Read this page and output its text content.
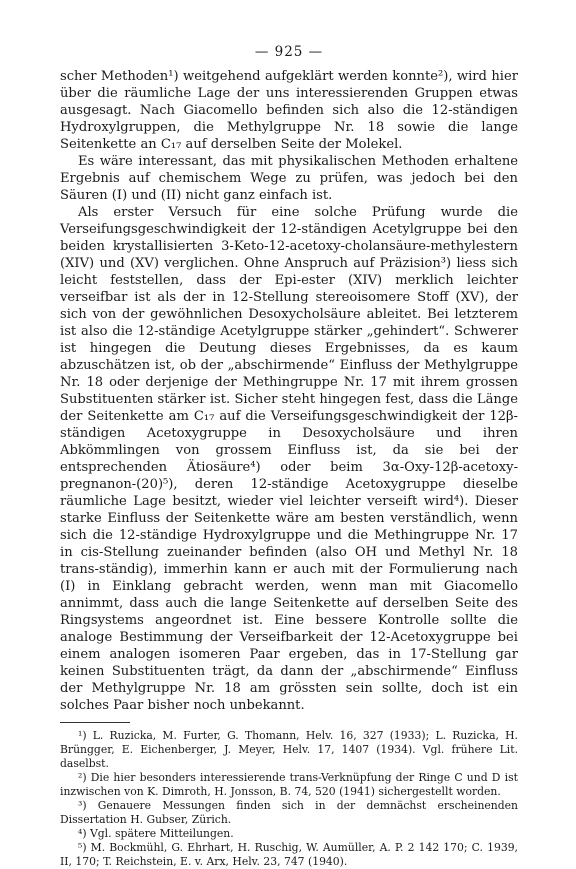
— 925 —

scher Methoden¹) weitgehend aufgeklärt werden konnte²), wird hier über die räumliche Lage der uns interessierenden Gruppen etwas ausgesagt. Nach Giacomello befinden sich also die 12-ständigen Hydroxylgruppen, die Methylgruppe Nr. 18 sowie die lange Seitenkette an C₁₇ auf derselben Seite der Molekel.

Es wäre interessant, das mit physikalischen Methoden erhaltene Ergebnis auf chemischem Wege zu prüfen, was jedoch bei den Säuren (I) und (II) nicht ganz einfach ist.

Als erster Versuch für eine solche Prüfung wurde die Verseifungsgeschwindigkeit der 12-ständigen Acetylgruppe bei den beiden krystallisierten 3-Keto-12-acetoxy-cholansäure-methylestern (XIV) und (XV) verglichen. Ohne Anspruch auf Präzision³) liess sich leicht feststellen, dass der Epi-ester (XIV) merklich leichter verseifbar ist als der in 12-Stellung stereoisomere Stoff (XV), der sich von der gewöhnlichen Desoxycholsäure ableitet. Bei letzterem ist also die 12-ständige Acetylgruppe stärker „gehindert“. Schwerer ist hingegen die Deutung dieses Ergebnisses, da es kaum abzuschätzen ist, ob der „abschirmende“ Einfluss der Methylgruppe Nr. 18 oder derjenige der Methingruppe Nr. 17 mit ihrem grossen Substituenten stärker ist. Sicher steht hingegen fest, dass die Länge der Seitenkette am C₁₇ auf die Verseifungsgeschwindigkeit der 12β-ständigen Acetoxygruppe in Desoxycholsäure und ihren Abkömmlingen von grossem Einfluss ist, da sie bei der entsprechenden Ätiosäure⁴) oder beim 3α-Oxy-12β-acetoxy-pregnanon-(20)⁵), deren 12-ständige Acetoxygruppe dieselbe räumliche Lage besitzt, wieder viel leichter verseift wird⁴). Dieser starke Einfluss der Seitenkette wäre am besten verständlich, wenn sich die 12-ständige Hydroxylgruppe und die Methingruppe Nr. 17 in cis-Stellung zueinander befinden (also OH und Methyl Nr. 18 trans-ständig), immerhin kann er auch mit der Formulierung nach (I) in Einklang gebracht werden, wenn man mit Giacomello annimmt, dass auch die lange Seitenkette auf derselben Seite des Ringsystems angeordnet ist. Eine bessere Kontrolle sollte die analoge Bestimmung der Verseifbarkeit der 12-Acetoxygruppe bei einem analogen isomeren Paar ergeben, das in 17-Stellung gar keinen Substituenten trägt, da dann der „abschirmende“ Einfluss der Methylgruppe Nr. 18 am grössten sein sollte, doch ist ein solches Paar bisher noch unbekannt.

¹) L. Ruzicka, M. Furter, G. Thomann, Helv. 16, 327 (1933); L. Ruzicka, H. Brüngger, E. Eichenberger, J. Meyer, Helv. 17, 1407 (1934). Vgl. frühere Lit. daselbst.

²) Die hier besonders interessierende trans-Verknüpfung der Ringe C und D ist inzwischen von K. Dimroth, H. Jonsson, B. 74, 520 (1941) sichergestellt worden.

³) Genauere Messungen finden sich in der demnächst erscheinenden Dissertation H. Gubser, Zürich.

⁴) Vgl. spätere Mitteilungen.

⁵) M. Bockmühl, G. Ehrhart, H. Ruschig, W. Aumüller, A. P. 2 142 170; C. 1939, II, 170; T. Reichstein, E. v. Arx, Helv. 23, 747 (1940).
